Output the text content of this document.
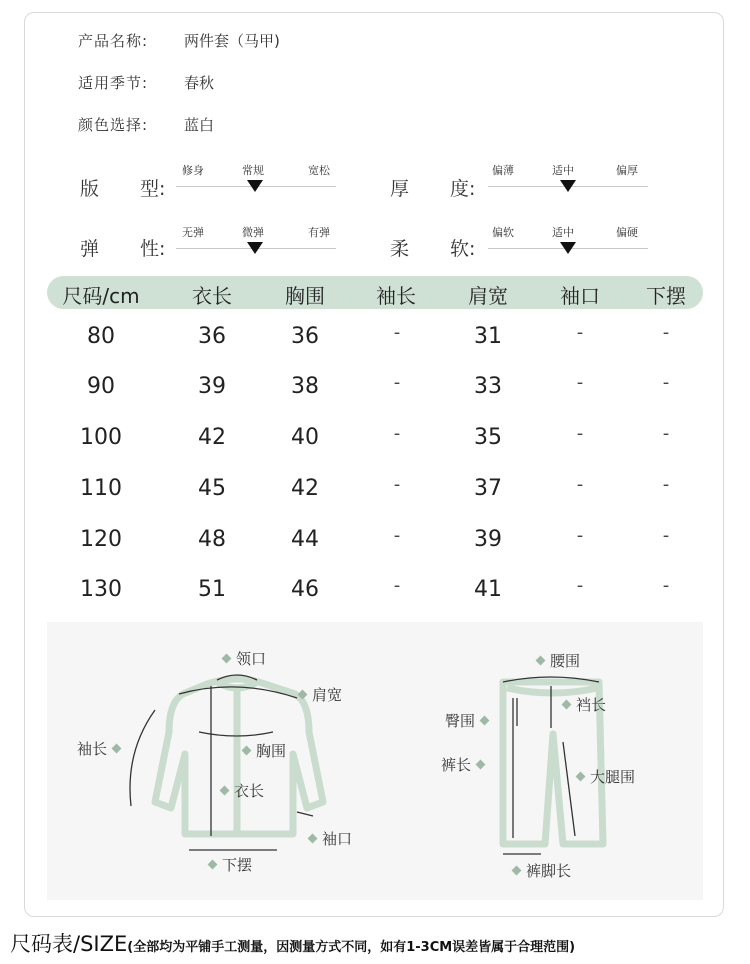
产品名称: 两件套（马甲)
适用季节: 春秋
颜色选择: 蓝白
版 型:
修身	常规	宽松
厚 度:
偏薄	适中	偏厚
弹 性:
无弹	微弹	有弹
柔 软:
偏软	适中	偏硬
尺码/cm	衣长	胸围	袖长	肩宽	袖口	下摆
80	36	36	-	31	-	-
90	39	38	-	33	-	-
100	42	40	-	35	-	-
110	45	42	-	37	-	-
120	48	44	-	39	-	-
130	51	46	-	41	-	-
领口
肩宽
袖长	胸围
衣长
袖口
下摆
腰围
裆长
臀围
裤长
大腿围
裤脚长
尺码表/SIZE(全部均为平铺手工测量，因测量方式不同，如有1-3CM误差皆属于合理范围)
